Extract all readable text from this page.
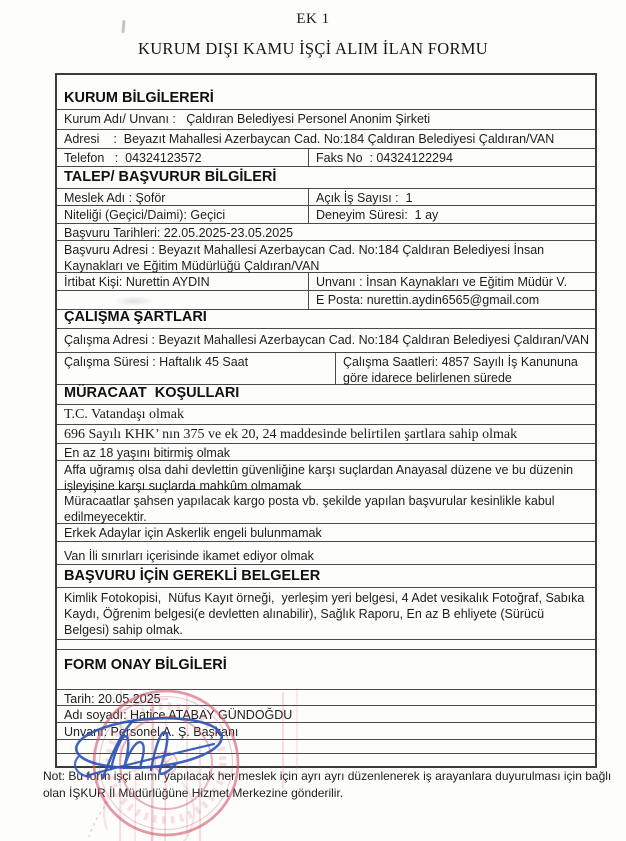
EK 1
KURUM DIŞI KAMU İŞÇİ ALIM İLAN FORMU
KURUM BİLGİLERERİ
Kurum Adı/ Unvanı :   Çaldıran Belediyesi Personel Anonim Şirketi
Adresi    :  Beyazıt Mahallesi Azerbaycan Cad. No:184 Çaldıran Belediyesi Çaldıran/VAN
Telefon   :  04324123572	Faks No  : 04324122294
TALEP/ BAŞVURUR BİLGİLERİ
Meslek Adı : Şoför	Açık İş Sayısı :  1
Niteliği (Geçici/Daimi): Geçici	Deneyim Süresi:  1 ay
Başvuru Tarihleri: 22.05.2025-23.05.2025
Başvuru Adresi : Beyazıt Mahallesi Azerbaycan Cad. No:184 Çaldıran Belediyesi İnsan Kaynakları ve Eğitim Müdürlüğü Çaldıran/VAN
İrtibat Kişi: Nurettin AYDIN	Unvanı : İnsan Kaynakları ve Eğitim Müdür V.
E Posta: nurettin.aydin6565@gmail.com
ÇALIŞMA ŞARTLARI
Çalışma Adresi : Beyazıt Mahallesi Azerbaycan Cad. No:184 Çaldıran Belediyesi Çaldıran/VAN
Çalışma Süresi : Haftalık 45 Saat	Çalışma Saatleri: 4857 Sayılı İş Kanununa göre idarece belirlenen sürede
MÜRACAAT  KOŞULLARI
T.C. Vatandaşı olmak
696 Sayılı KHK’ nın 375 ve ek 20, 24 maddesinde belirtilen şartlara sahip olmak
En az 18 yaşını bitirmiş olmak
Affa uğramış olsa dahi devlettin güvenliğine karşı suçlardan Anayasal düzene ve bu düzenin işleyişine karşı suçlarda mahkûm olmamak
Müracaatlar şahsen yapılacak kargo posta vb. şekilde yapılan başvurular kesinlikle kabul edilmeyecektir.
Erkek Adaylar için Askerlik engeli bulunmamak
Van İli sınırları içerisinde ikamet ediyor olmak
BAŞVURU İÇİN GEREKLİ BELGELER
Kimlik Fotokopisi,  Nüfus Kayıt örneği,  yerleşim yeri belgesi, 4 Adet vesikalık Fotoğraf, Sabıka Kaydı, Öğrenim belgesi(e devletten alınabilir), Sağlık Raporu, En az B ehliyete (Sürücü Belgesi) sahip olmak.
FORM ONAY BİLGİLERİ
Tarih: 20.05.2025
Adı soyadı: Hatice ATABAY GÜNDOĞDU
Unvanı: Personel A. Ş. Başkanı
Not: Bu form işçi alımı yapılacak her meslek için ayrı ayrı düzenlenerek iş arayanlara duyurulması için bağlı olan İŞKUR İl Müdürlüğüne Hizmet Merkezine gönderilir.
